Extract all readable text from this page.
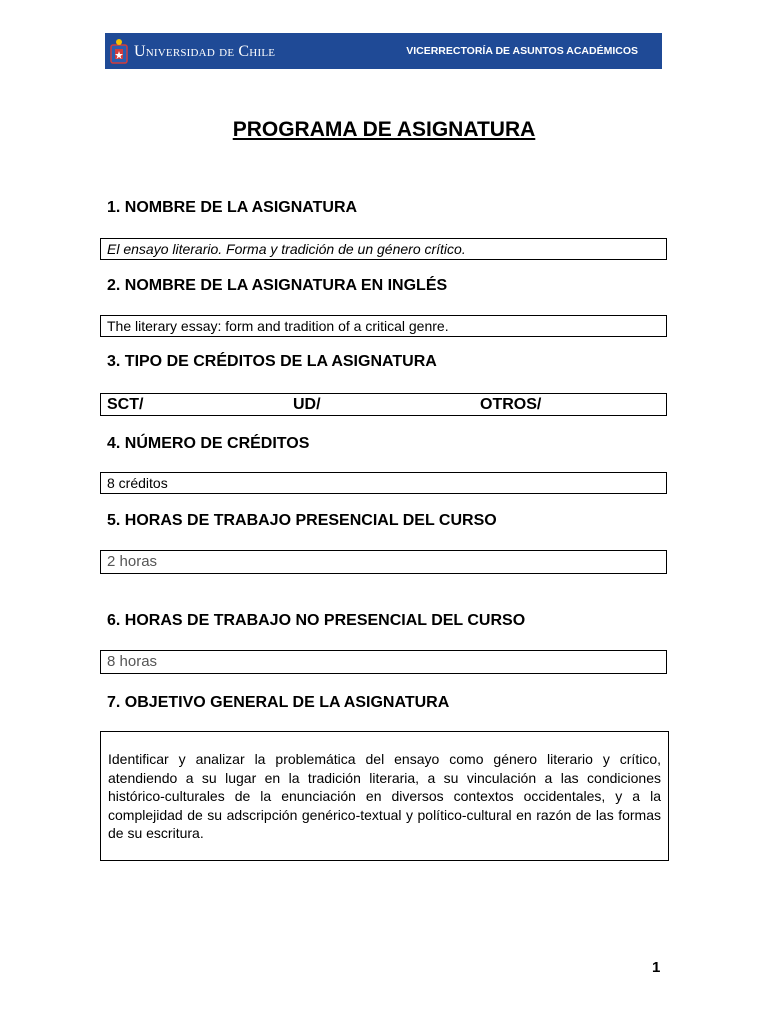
Universidad de Chile	VICERRECTORÍA DE ASUNTOS ACADÉMICOS
PROGRAMA DE ASIGNATURA
1. NOMBRE DE LA ASIGNATURA
El ensayo literario. Forma y tradición de un género crítico.
2. NOMBRE DE LA ASIGNATURA EN INGLÉS
The literary essay: form and tradition of a critical genre.
3. TIPO DE CRÉDITOS DE LA ASIGNATURA
SCT/	UD/	OTROS/
4. NÚMERO DE CRÉDITOS
8 créditos
5. HORAS DE TRABAJO PRESENCIAL DEL CURSO
2 horas
6. HORAS DE TRABAJO NO PRESENCIAL DEL CURSO
8 horas
7. OBJETIVO GENERAL DE LA ASIGNATURA
Identificar y analizar la problemática del ensayo como género literario y crítico, atendiendo a su lugar en la tradición literaria, a su vinculación a las condiciones histórico-culturales de la enunciación en diversos contextos occidentales, y a la complejidad de su adscripción genérico-textual y político-cultural en razón de las formas de su escritura.
1
